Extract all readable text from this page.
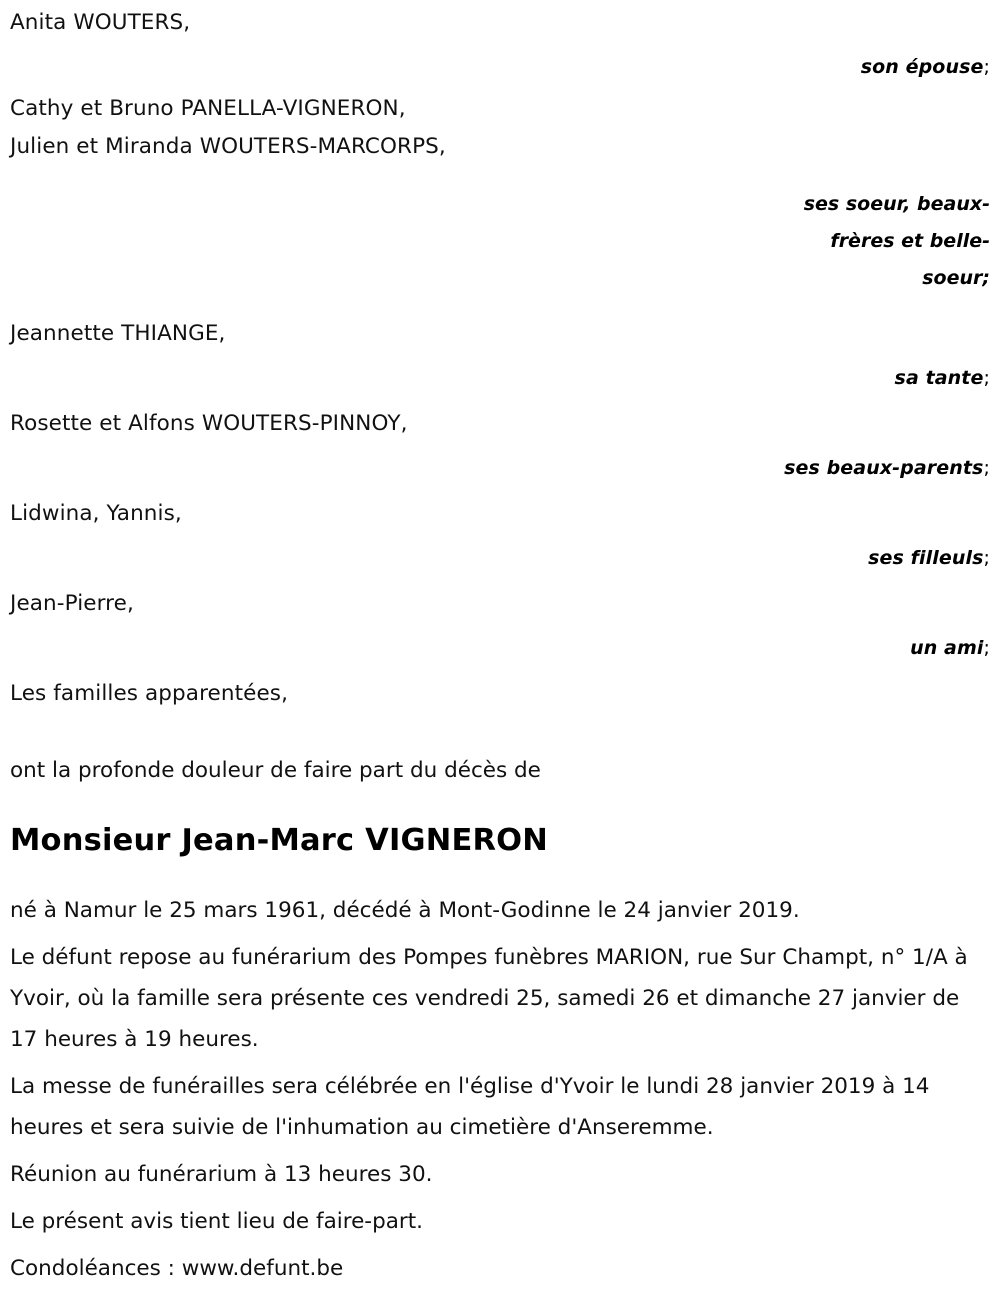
Anita WOUTERS,
son épouse;
Cathy et Bruno PANELLA-VIGNERON,
Julien et Miranda WOUTERS-MARCORPS,
ses soeur, beaux-
frères et belle-
soeur;
Jeannette THIANGE,
sa tante;
Rosette et Alfons WOUTERS-PINNOY,
ses beaux-parents;
Lidwina, Yannis,
ses filleuls;
Jean-Pierre,
un ami;
Les familles apparentées,
ont la profonde douleur de faire part du décès de
Monsieur Jean-Marc VIGNERON

né à Namur le 25 mars 1961, décédé à Mont-Godinne le 24 janvier 2019.

Le défunt repose au funérarium des Pompes funèbres MARION, rue Sur Champt, n° 1/A à Yvoir, où la famille sera présente ces vendredi 25, samedi 26 et dimanche 27 janvier de 17 heures à 19 heures.

La messe de funérailles sera célébrée en l'église d'Yvoir le lundi 28 janvier 2019 à 14 heures et sera suivie de l'inhumation au cimetière d'Anseremme.

Réunion au funérarium à 13 heures 30.

Le présent avis tient lieu de faire-part.

Condoléances : www.defunt.be
